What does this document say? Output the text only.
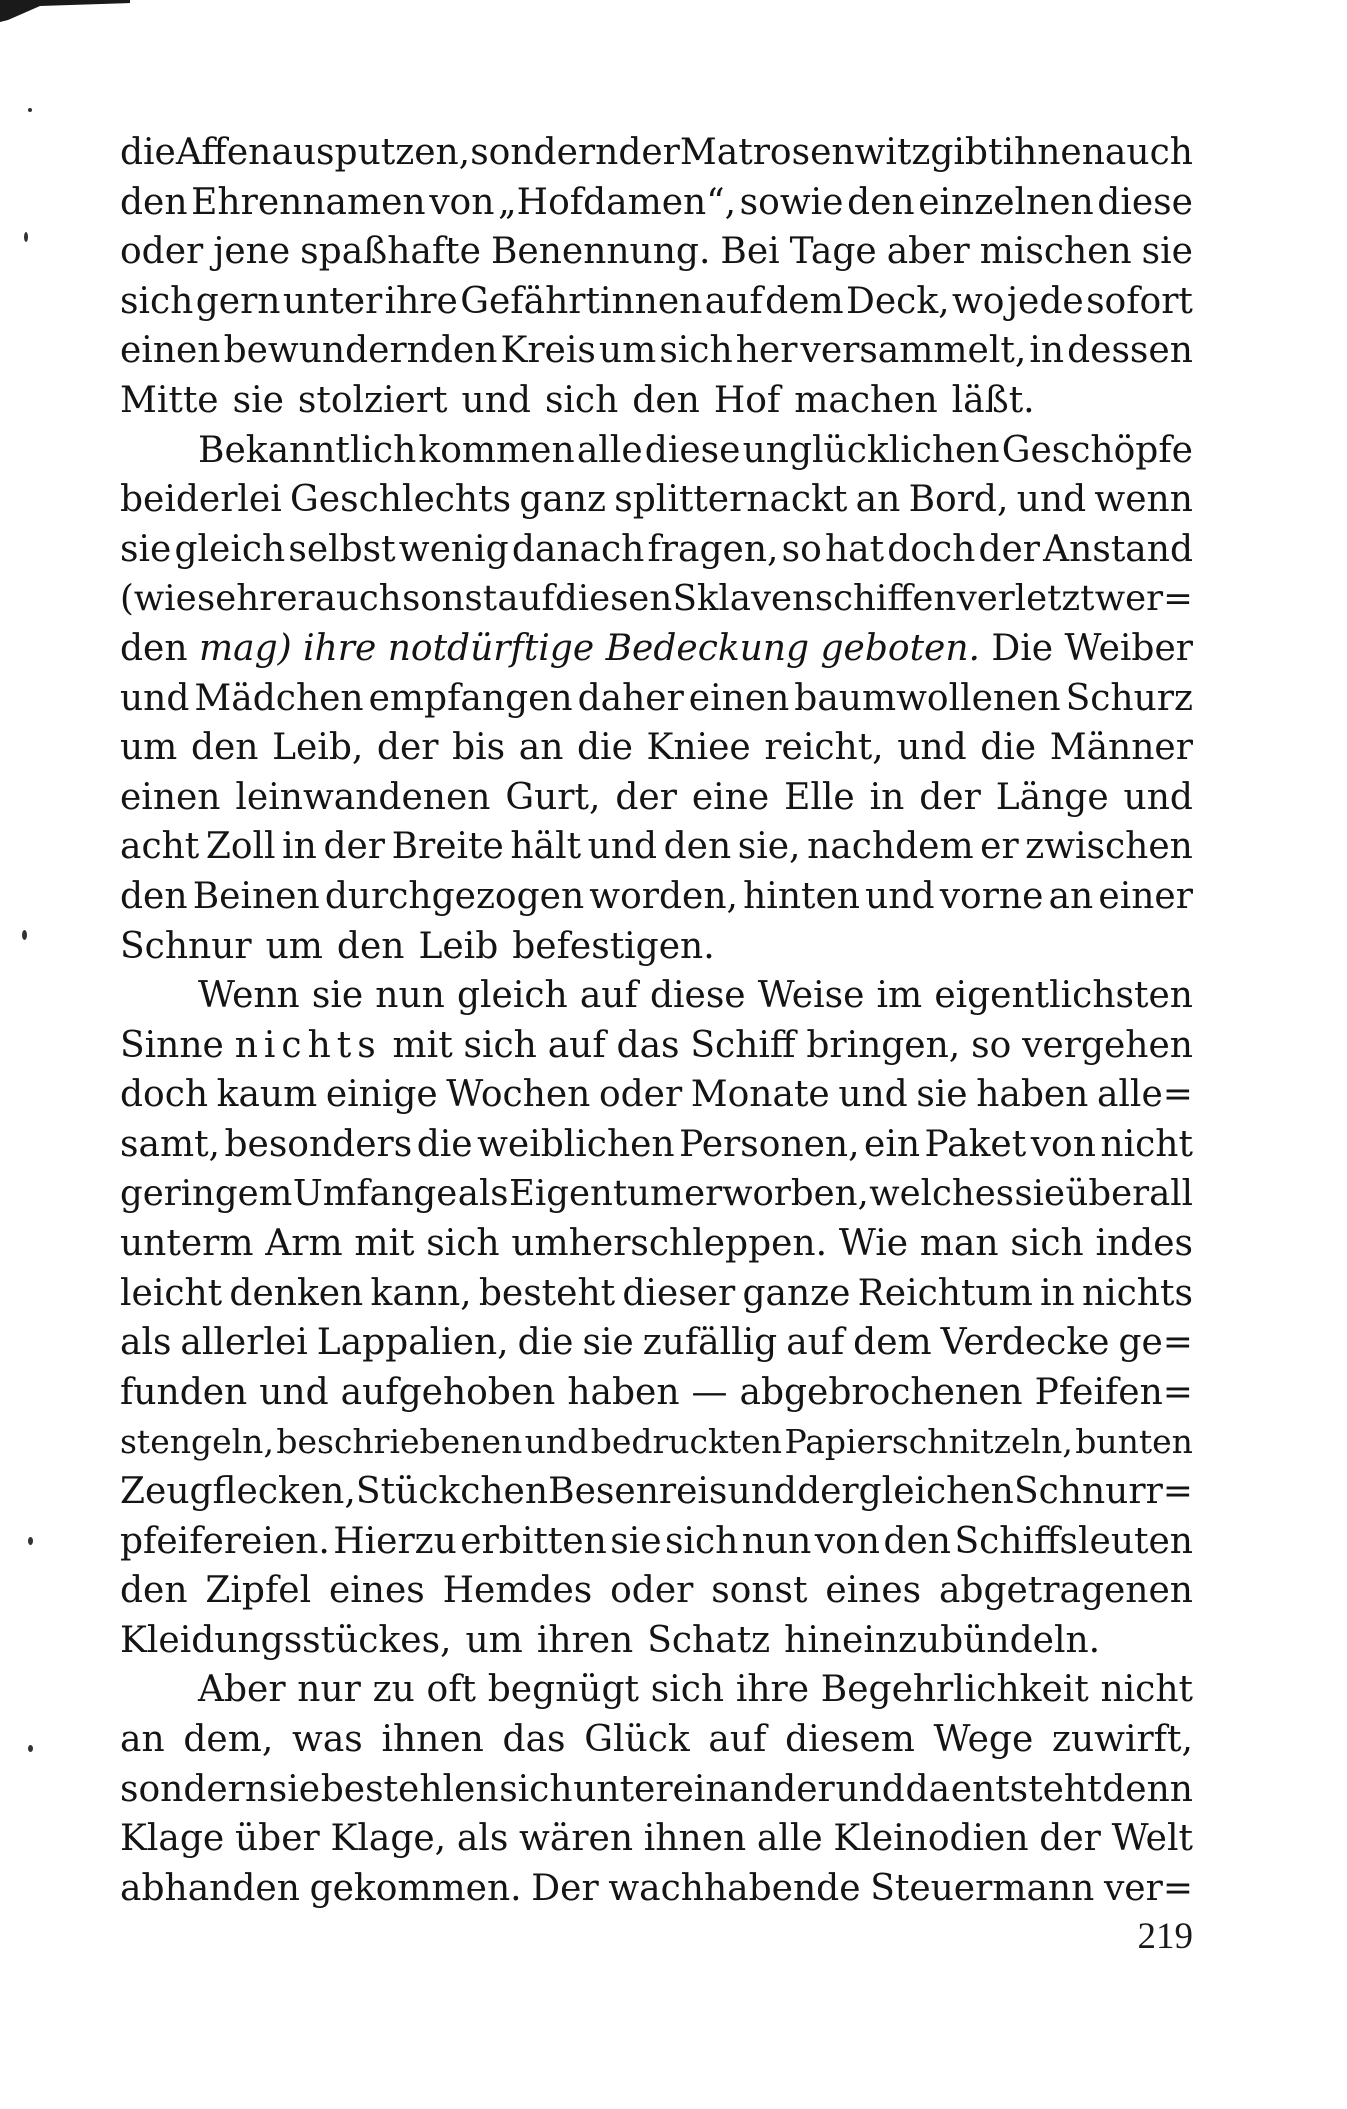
die Affen ausputzen, sondern der Matrosenwitz gibt ihnen auch
den Ehrennamen von „Hofdamen“, sowie den einzelnen diese
oder jene spaßhafte Benennung. Bei Tage aber mischen sie
sich gern unter ihre Gefährtinnen auf dem Deck, wo jede sofort
einen bewundernden Kreis um sich her versammelt, in dessen
Mitte sie stolziert und sich den Hof machen läßt.
Bekanntlich kommen alle diese unglücklichen Geschöpfe
beiderlei Geschlechts ganz splitternackt an Bord, und wenn
sie gleich selbst wenig danach fragen, so hat doch der Anstand
(wie sehr er auch sonst auf diesen Sklavenschiffen verletzt wer=
den mag) ihre notdürftige Bedeckung geboten. Die Weiber
und Mädchen empfangen daher einen baumwollenen Schurz
um den Leib, der bis an die Kniee reicht, und die Männer
einen leinwandenen Gurt, der eine Elle in der Länge und
acht Zoll in der Breite hält und den sie, nachdem er zwischen
den Beinen durchgezogen worden, hinten und vorne an einer
Schnur um den Leib befestigen.
Wenn sie nun gleich auf diese Weise im eigentlichsten
Sinne nichts mit sich auf das Schiff bringen, so vergehen
doch kaum einige Wochen oder Monate und sie haben alle=
samt, besonders die weiblichen Personen, ein Paket von nicht
geringem Umfange als Eigentum erworben, welches sie überall
unterm Arm mit sich umherschleppen. Wie man sich indes
leicht denken kann, besteht dieser ganze Reichtum in nichts
als allerlei Lappalien, die sie zufällig auf dem Verdecke ge=
funden und aufgehoben haben — abgebrochenen Pfeifen=
stengeln, beschriebenen und bedruckten Papierschnitzeln, bunten
Zeugflecken, Stückchen Besenreis und dergleichen Schnurr=
pfeifereien. Hierzu erbitten sie sich nun von den Schiffsleuten
den Zipfel eines Hemdes oder sonst eines abgetragenen
Kleidungsstückes, um ihren Schatz hineinzubündeln.
Aber nur zu oft begnügt sich ihre Begehrlichkeit nicht
an dem, was ihnen das Glück auf diesem Wege zuwirft,
sondern sie bestehlen sich untereinander und da entsteht denn
Klage über Klage, als wären ihnen alle Kleinodien der Welt
abhanden gekommen. Der wachhabende Steuermann ver=
219
